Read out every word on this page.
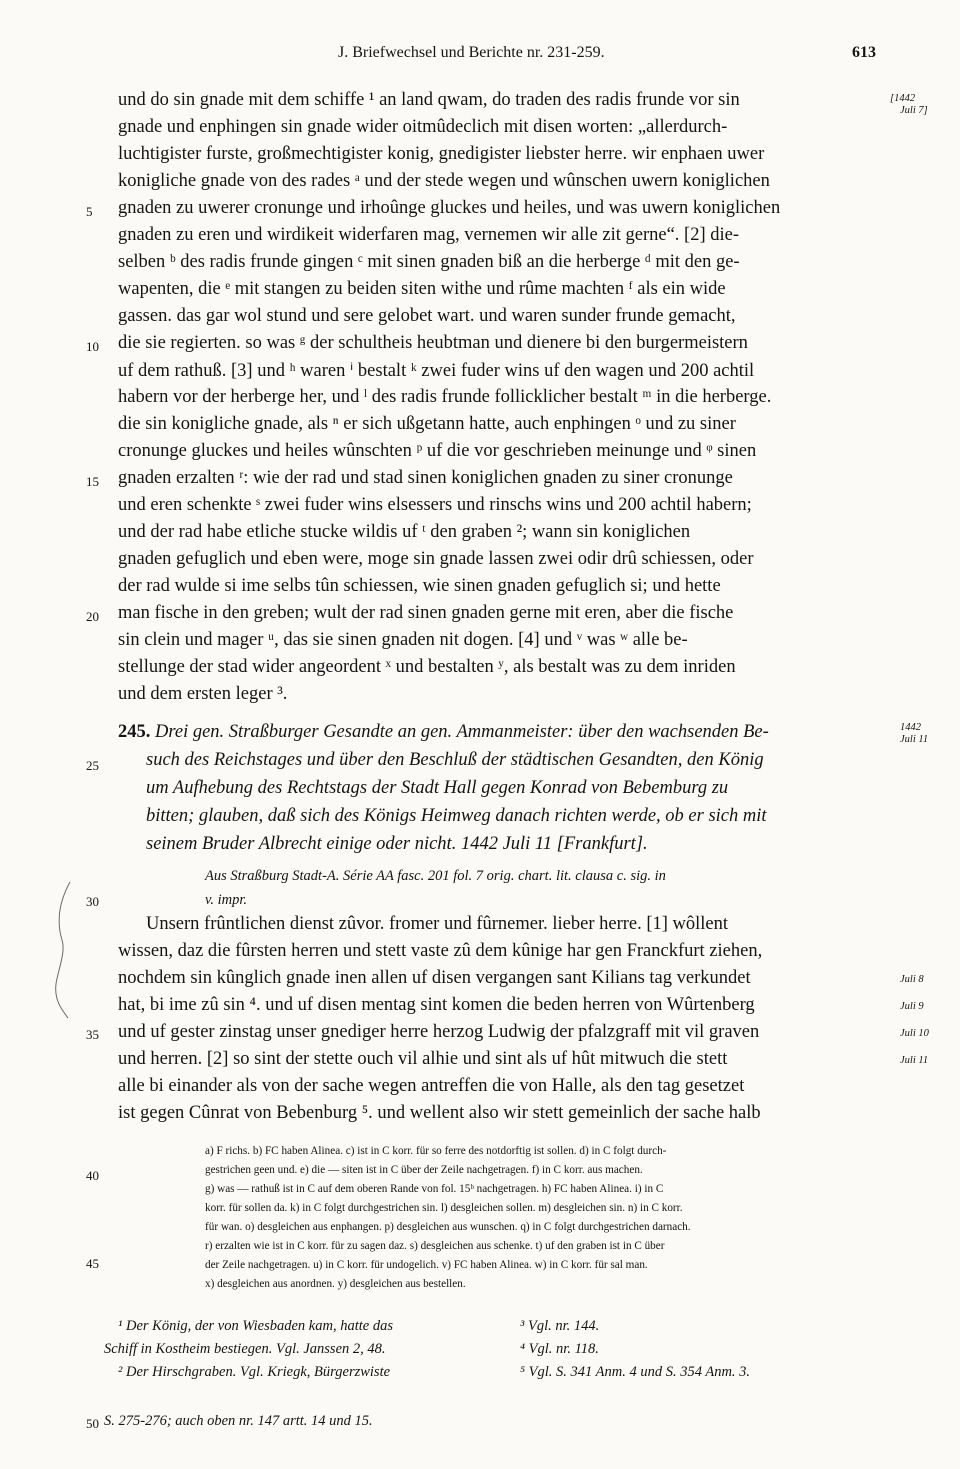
J. Briefwechsel und Berichte nr. 231-259.	613
[1442
Juli 7]
und do sin gnade mit dem schiffe ¹ an land qwam, do traden des radis frunde vor sin
gnade und enphingen sin gnade wider oitmûdeclich mit disen worten: „allerdurch-
luchtigister furste, großmechtigister konig, gnedigister liebster herre. wir enphaen uwer
konigliche gnade von des rades ᵃ und der stede wegen und wûnschen uwern koniglichen
gnaden zu uwerer cronunge und irhoûnge gluckes und heiles, und was uwern koniglichen
gnaden zu eren und wirdikeit widerfaren mag, vernemen wir alle zit gerne“. [2] die-
selben ᵇ des radis frunde gingen ᶜ mit sinen gnaden biß an die herberge ᵈ mit den ge-
wapenten, die ᵉ mit stangen zu beiden siten withe und rûme machten ᶠ als ein wide
gassen. das gar wol stund und sere gelobet wart. und waren sunder frunde gemacht,
die sie regierten. so was ᵍ der schultheis heubtman und dienere bi den burgermeistern
uf dem rathuß. [3] und ʰ waren ⁱ bestalt ᵏ zwei fuder wins uf den wagen und 200 achtil
habern vor der herberge her, und ˡ des radis frunde follicklicher bestalt ᵐ in die herberge.
die sin konigliche gnade, als ⁿ er sich ußgetann hatte, auch enphingen ᵒ und zu siner
cronunge gluckes und heiles wûnschten ᵖ uf die vor geschrieben meinunge und ᵠ sinen
gnaden erzalten ʳ: wie der rad und stad sinen koniglichen gnaden zu siner cronunge
und eren schenkte ˢ zwei fuder wins elsessers und rinschs wins und 200 achtil habern;
und der rad habe etliche stucke wildis uf ᵗ den graben ²; wann sin koniglichen
gnaden gefuglich und eben were, moge sin gnade lassen zwei odir drû schiessen, oder
der rad wulde si ime selbs tûn schiessen, wie sinen gnaden gefuglich si; und hette
man fische in den greben; wult der rad sinen gnaden gerne mit eren, aber die fische
sin clein und mager ᵘ, das sie sinen gnaden nit dogen. [4] und ᵛ was ʷ alle be-
stellunge der stad wider angeordent ˣ und bestalten ʸ, als bestalt was zu dem inriden
und dem ersten leger ³.
5
10
15
20
25
30
35
40
45
50
245. Drei gen. Straßburger Gesandte an gen. Ammanmeister: über den wachsenden Be-
such des Reichstages und über den Beschluß der städtischen Gesandten, den König
um Aufhebung des Rechtstags der Stadt Hall gegen Konrad von Bebemburg zu
bitten; glauben, daß sich des Königs Heimweg danach richten werde, ob er sich mit
seinem Bruder Albrecht einige oder nicht. 1442 Juli 11 [Frankfurt].
1442
Juli 11
Aus Straßburg Stadt-A. Série AA fasc. 201 fol. 7 orig. chart. lit. clausa c. sig. in
v. impr.
Unsern frûntlichen dienst zûvor. fromer und fûrnemer. lieber herre. [1] wôllent
wissen, daz die fûrsten herren und stett vaste zû dem kûnige har gen Franckfurt ziehen,
nochdem sin kûnglich gnade inen allen uf disen vergangen sant Kilians tag verkundet
hat, bi ime zû sin ⁴. und uf disen mentag sint komen die beden herren von Wûrtenberg
und uf gester zinstag unser gnediger herre herzog Ludwig der pfalzgraff mit vil graven
und herren. [2] so sint der stette ouch vil alhie und sint als uf hût mitwuch die stett
alle bi einander als von der sache wegen antreffen die von Halle, als den tag gesetzet
ist gegen Cûnrat von Bebenburg ⁵. und wellent also wir stett gemeinlich der sache halb
Juli 8
Juli 9
Juli 10
Juli 11
a) F richs. b) FC haben Alinea. c) ist in C korr. für so ferre des notdorftig ist sollen. d) in C folgt durch-
gestrichen geen und. e) die — siten ist in C über der Zeile nachgetragen. f) in C korr. aus machen.
g) was — rathuß ist in C auf dem oberen Rande von fol. 15ᵇ nachgetragen. h) FC haben Alinea. i) in C
korr. für sollen da. k) in C folgt durchgestrichen sin. l) desgleichen sollen. m) desgleichen sin. n) in C korr.
für wan. o) desgleichen aus enphangen. p) desgleichen aus wunschen. q) in C folgt durchgestrichen darnach.
r) erzalten wie ist in C korr. für zu sagen daz. s) desgleichen aus schenke. t) uf den graben ist in C über
der Zeile nachgetragen. u) in C korr. für undogelich. v) FC haben Alinea. w) in C korr. für sal man.
x) desgleichen aus anordnen. y) desgleichen aus bestellen.
¹ Der König, der von Wiesbaden kam, hatte das
Schiff in Kostheim bestiegen. Vgl. Janssen 2, 48.
² Der Hirschgraben. Vgl. Kriegk, Bürgerzwiste
S. 275-276; auch oben nr. 147 artt. 14 und 15.
³ Vgl. nr. 144.
⁴ Vgl. nr. 118.
⁵ Vgl. S. 341 Anm. 4 und S. 354 Anm. 3.
